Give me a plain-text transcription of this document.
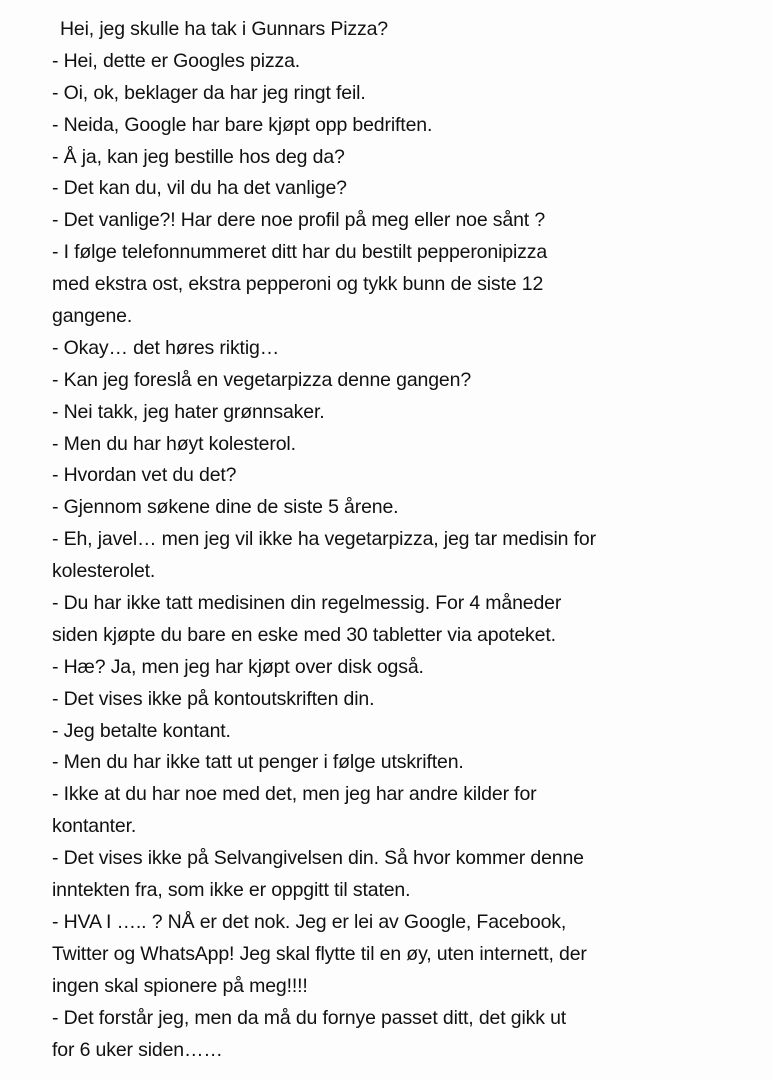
Hei, jeg skulle ha tak i Gunnars Pizza?
- Hei, dette er Googles pizza.
- Oi, ok, beklager da har jeg ringt feil.
- Neida, Google har bare kjøpt opp bedriften.
- Å ja, kan jeg bestille hos deg da?
- Det kan du, vil du ha det vanlige?
- Det vanlige?! Har dere noe profil på meg eller noe sånt ?
- I følge telefonnummeret ditt har du bestilt pepperonipizza
med ekstra ost, ekstra pepperoni og tykk bunn de siste 12
gangene.
- Okay… det høres riktig…
- Kan jeg foreslå en vegetarpizza denne gangen?
- Nei takk, jeg hater grønnsaker.
- Men du har høyt kolesterol.
- Hvordan vet du det?
- Gjennom søkene dine de siste 5 årene.
- Eh, javel… men jeg vil ikke ha vegetarpizza, jeg tar medisin for
kolesterolet.
- Du har ikke tatt medisinen din regelmessig. For 4 måneder
siden kjøpte du bare en eske med 30 tabletter via apoteket.
- Hæ? Ja, men jeg har kjøpt over disk også.
- Det vises ikke på kontoutskriften din.
- Jeg betalte kontant.
- Men du har ikke tatt ut penger i følge utskriften.
- Ikke at du har noe med det, men jeg har andre kilder for
kontanter.
- Det vises ikke på Selvangivelsen din. Så hvor kommer denne
inntekten fra, som ikke er oppgitt til staten.
- HVA I ….. ? NÅ er det nok. Jeg er lei av Google, Facebook,
Twitter og WhatsApp! Jeg skal flytte til en øy, uten internett, der
ingen skal spionere på meg!!!!
- Det forstår jeg, men da må du fornye passet ditt, det gikk ut
for 6 uker siden……
